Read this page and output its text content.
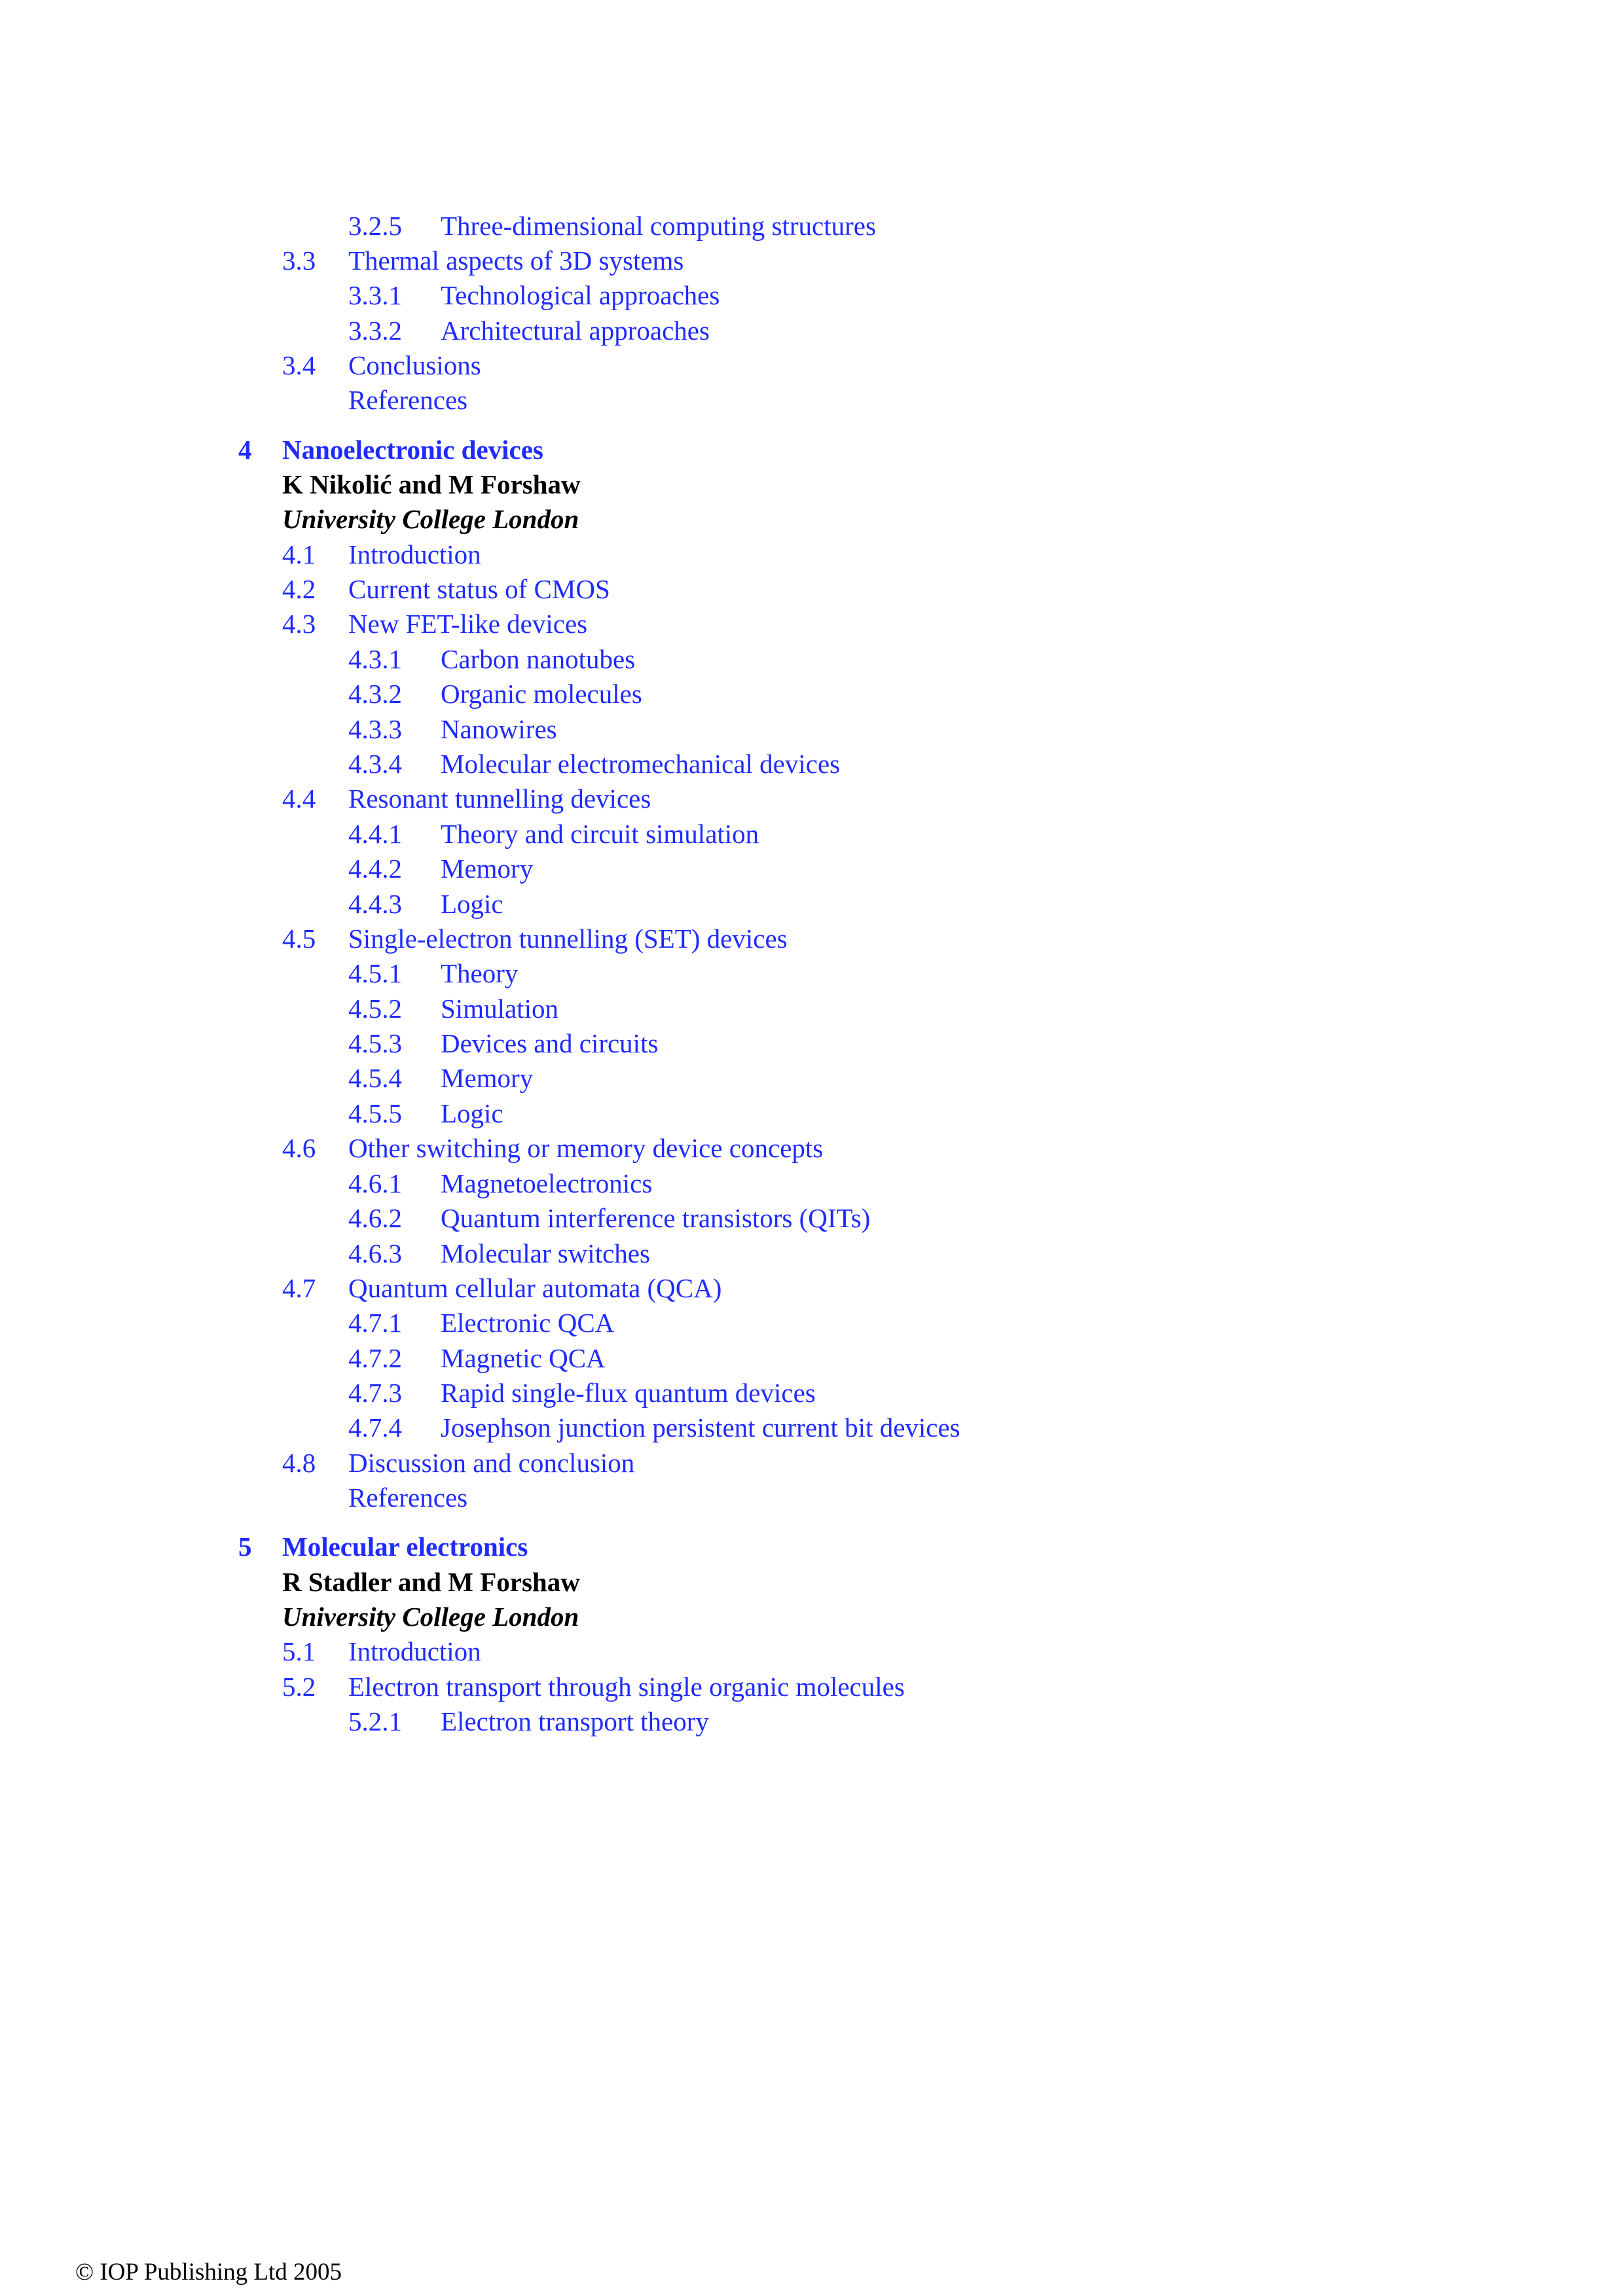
3.2.5 Three-dimensional computing structures
3.3 Thermal aspects of 3D systems
3.3.1 Technological approaches
3.3.2 Architectural approaches
3.4 Conclusions
References
4 Nanoelectronic devices
K Nikolić and M Forshaw
University College London
4.1 Introduction
4.2 Current status of CMOS
4.3 New FET-like devices
4.3.1 Carbon nanotubes
4.3.2 Organic molecules
4.3.3 Nanowires
4.3.4 Molecular electromechanical devices
4.4 Resonant tunnelling devices
4.4.1 Theory and circuit simulation
4.4.2 Memory
4.4.3 Logic
4.5 Single-electron tunnelling (SET) devices
4.5.1 Theory
4.5.2 Simulation
4.5.3 Devices and circuits
4.5.4 Memory
4.5.5 Logic
4.6 Other switching or memory device concepts
4.6.1 Magnetoelectronics
4.6.2 Quantum interference transistors (QITs)
4.6.3 Molecular switches
4.7 Quantum cellular automata (QCA)
4.7.1 Electronic QCA
4.7.2 Magnetic QCA
4.7.3 Rapid single-flux quantum devices
4.7.4 Josephson junction persistent current bit devices
4.8 Discussion and conclusion
References
5 Molecular electronics
R Stadler and M Forshaw
University College London
5.1 Introduction
5.2 Electron transport through single organic molecules
5.2.1 Electron transport theory
© IOP Publishing Ltd 2005
